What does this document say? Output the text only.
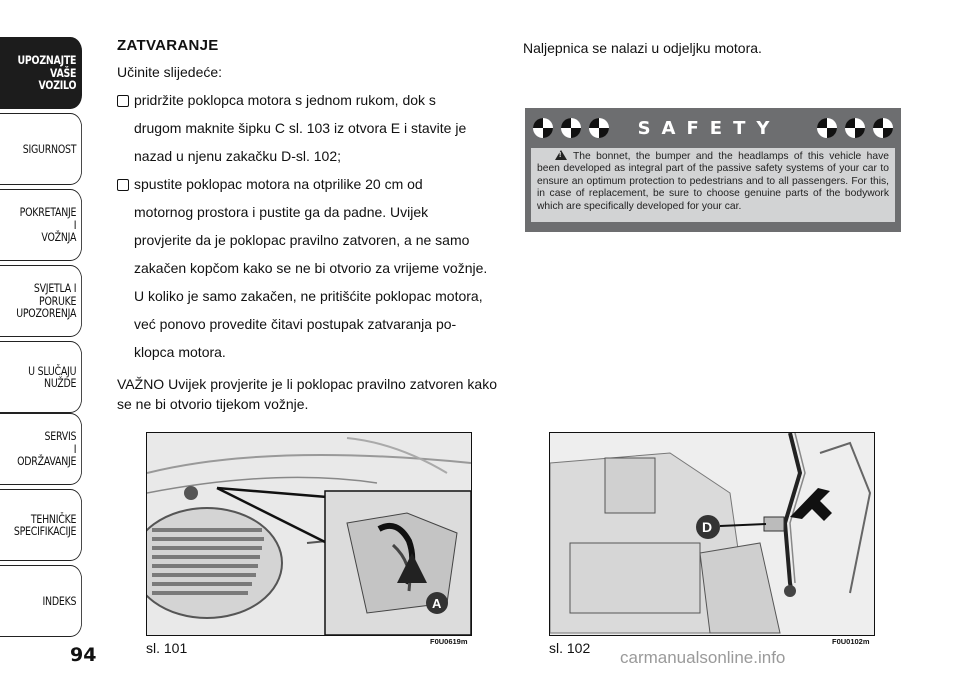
UPOZNAJTE
VAŠE
VOZILO
SIGURNOST
POKRETANJE
I
VOŽNJA
SVJETLA I
PORUKE
UPOZORENJA
U SLUČAJU
NUŽDE
SERVIS
I
ODRŽAVANJE
TEHNIČKE
SPECIFIKACIJE
INDEKS
94
ZATVARANJE
Učinite slijedeće:
pridržite poklopca motora s jednom rukom, dok s
drugom maknite šipku C sl. 103 iz otvora E i stavite je
nazad u njenu zakačku D-sl. 102;
spustite poklopac motora na otprilike 20 cm od
motornog prostora i pustite ga da padne. Uvijek
provjerite da je poklopac pravilno zatvoren, a ne samo
zakačen kopčom kako se ne bi otvorio za vrijeme vožnje.
U koliko je samo zakačen, ne pritišćite poklopac motora,
već ponovo provedite čitavi postupak zatvaranja po-
klopca motora.
VAŽNO Uvijek provjerite je li poklopac pravilno zatvoren kako se ne bi otvorio tijekom vožnje.
Naljepnica se nalazi u odjeljku motora.
SAFETY
!The bonnet, the bumper and the headlamps of this vehicle have been developed as integral part of the passive safety systems of your car to ensure an optimum protection to pedestrians and to all passengers. For this, in case of replacement, be sure to choose genuine parts of the bodywork which are specifically developed for your car.
A
sl. 101	F0U0619m
D
sl. 102	F0U0102m
carmanualsonline.info
